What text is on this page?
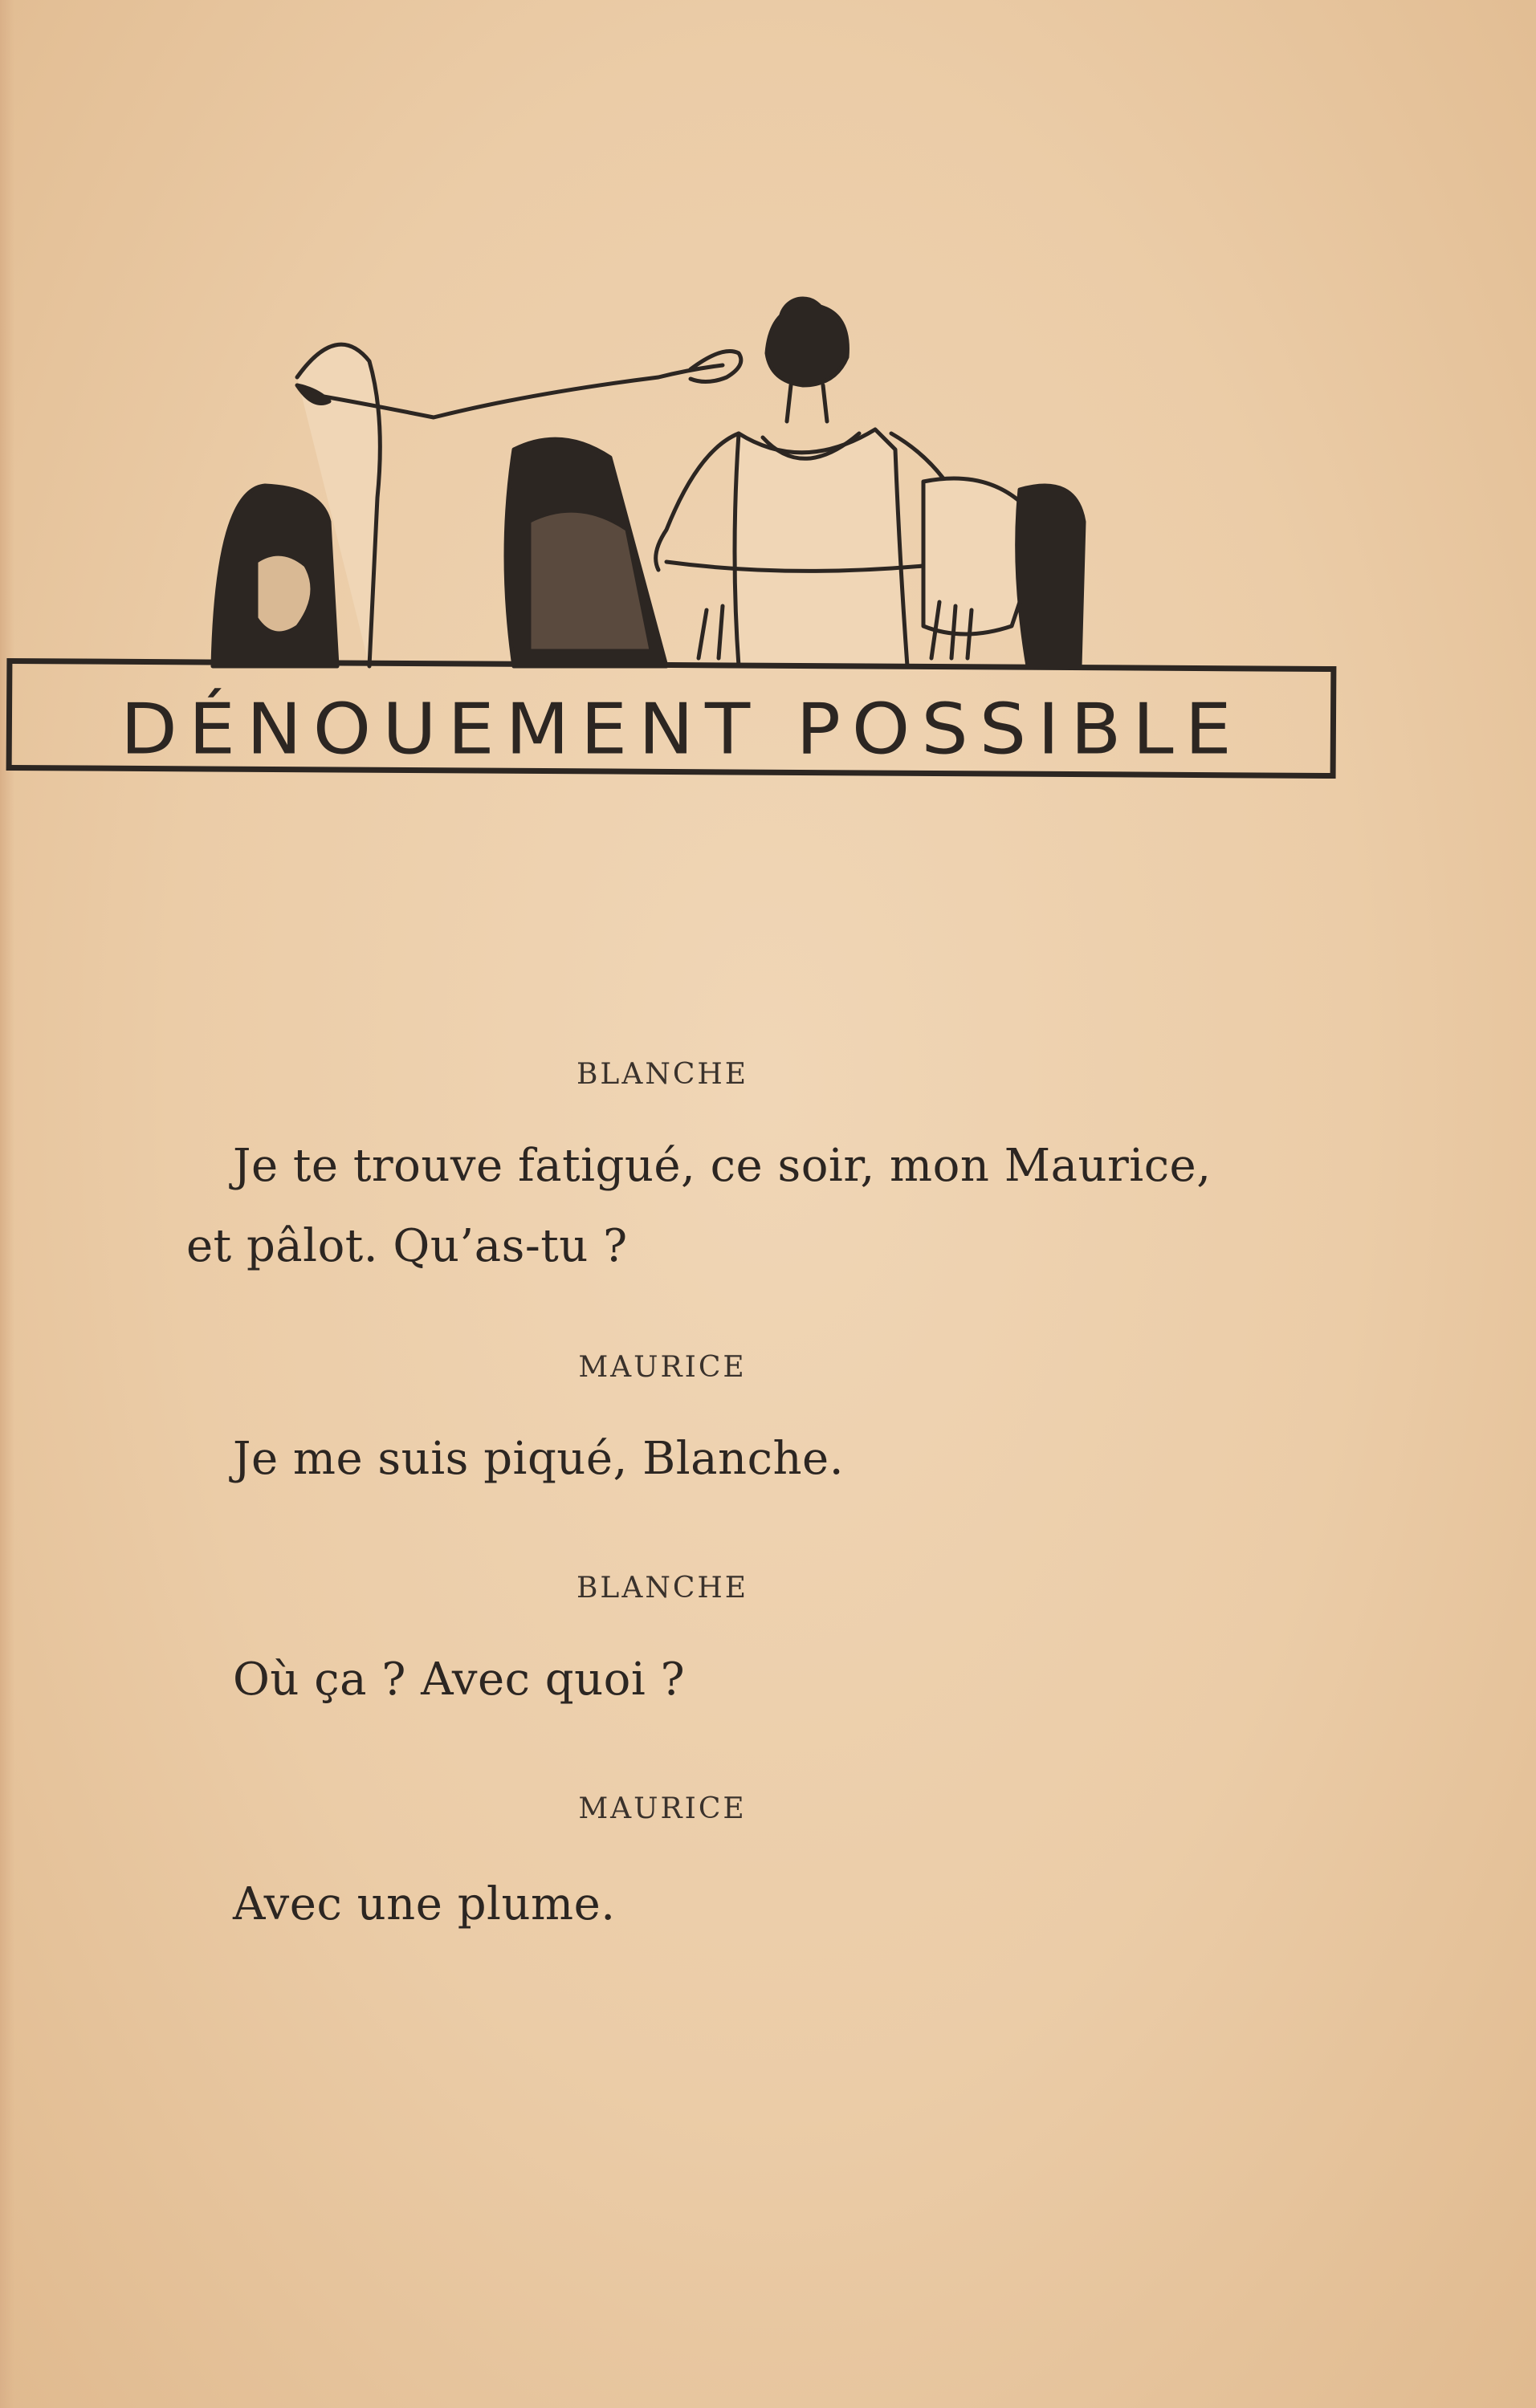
DÉNOUEMENT POSSIBLE
BLANCHE
Je te trouve fatigué, ce soir, mon Maurice,
et pâlot. Qu’as-tu ?
MAURICE
Je me suis piqué, Blanche.
BLANCHE
Où ça ? Avec quoi ?
MAURICE
Avec une plume.
